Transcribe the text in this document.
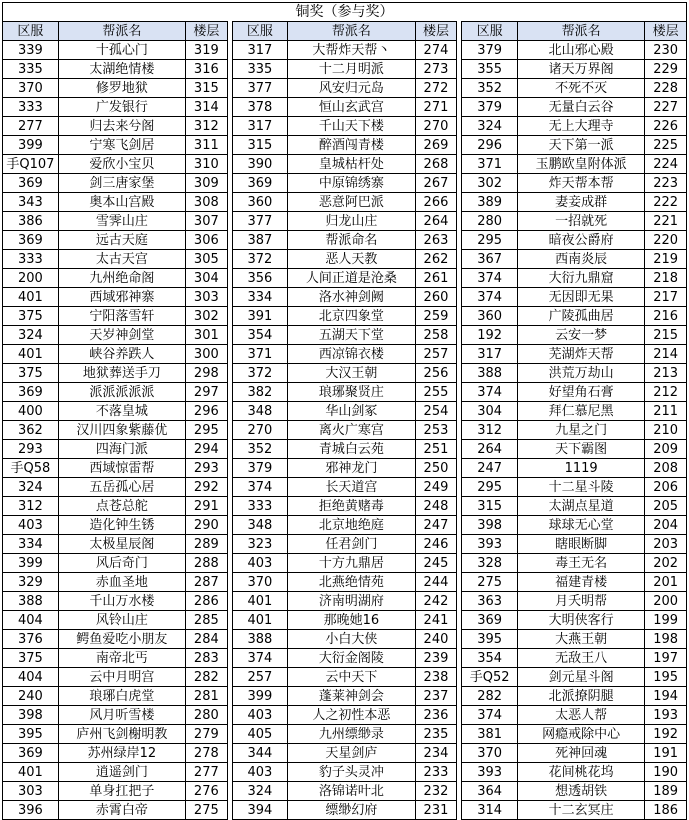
铜奖（参与奖）
区服	帮派名	楼层
339	十孤心门	319
335	太湖绝情楼	316
370	修罗地狱	315
333	广发银行	314
277	归去来兮阁	312
399	宁寒飞剑居	311
手Q107	爱欣小宝贝	310
369	剑三唐家堡	309
343	奥本山宫殿	308
386	雪霁山庄	307
369	远古天庭	306
333	太古天宫	305
200	九州绝命阁	304
401	西域邪神寨	303
375	宁阳落雪轩	302
324	天岁神剑堂	301
401	峡谷养跌人	300
375	地狱葬送手刀	298
369	派派派派派	297
400	不落皇城	296
362	汉川四象紫藤优	295
293	四海门派	294
手Q58	西域惊雷帮	293
324	五岳孤心居	292
312	点苍总舵	291
403	造化钟生锈	290
334	太极星辰阁	289
399	风后奇门	288
329	赤血圣地	287
388	千山万水楼	286
404	风铃山庄	285
376	鳄鱼爱吃小朋友	284
375	南帝北丐	283
404	云中月明宫	282
240	琅琊白虎堂	281
398	风月听雪楼	280
395	庐州飞剑榭明教	279
369	苏州绿岸12	278
401	逍遥剑门	277
303	单身扛把子	276
396	赤霄白帝	275
区服	帮派名	楼层
317	大帮炸天帮丶	274
335	十二月明派	273
377	风安归元岛	272
378	恒山玄武宫	271
317	千山天下楼	270
315	醉酒闯青楼	269
390	皇城枯杆处	268
369	中原锦绣寨	267
360	恶意阿巴派	266
377	归龙山庄	264
387	帮派命名	263
372	恶人天教	262
356	人间正道是沧桑	261
334	洛水神剑阙	260
391	北京四象堂	259
354	五湖天下堂	258
371	西凉锦衣楼	257
372	大汉王朝	256
382	琅琊聚贤庄	255
348	华山剑冢	254
270	离火广寒宫	253
352	青城白云苑	251
379	邪神龙门	250
374	长天道宫	249
333	拒绝黄赌毒	248
348	北京地绝庭	247
323	任君剑门	246
403	十方九鼎居	245
370	北燕绝情苑	244
401	济南明湖府	242
401	那晚她16	241
388	小白大侠	240
374	大衍金阁陵	239
257	云中天下	238
399	蓬莱神剑会	237
403	人之初性本恶	236
405	九州缥缈录	235
344	天星剑庐	234
403	豹子头灵冲	233
324	洛锦诺叶北	232
394	缥缈幻府	231
区服	帮派名	楼层
379	北山邪心殿	230
355	诸天万界阁	229
352	不死不灭	228
379	无量白云谷	227
324	无上大理寺	226
296	天下第一派	225
371	玉鹏欧皇附体派	224
302	炸天帮本帮	223
389	妻妾成群	222
280	一招就死	221
295	暗夜公爵府	220
367	西南炎辰	219
374	大衍九鼎窟	218
374	无因即无果	217
360	广陵孤曲居	216
192	云安一梦	215
317	芜湖炸天帮	214
388	洪荒万劫山	213
374	好望角石膏	212
304	拜仁慕尼黑	211
312	九星之门	210
264	天下霸图	209
247	1119	208
295	十二星斗陵	206
315	太湖点星道	205
398	球球无心堂	204
393	瞎眼断脚	203
328	毒王无名	202
275	福建青楼	201
363	月夭明帮	200
369	大明侠客行	199
395	大燕王朝	198
354	无敌王八	197
手Q52	剑元星斗阁	195
282	北派撩阴腿	194
374	太恶人帮	193
381	网瘾戒除中心	192
370	死神回魂	191
393	花间桃花坞	190
364	想透胡铁	189
314	十二玄冥庄	186
